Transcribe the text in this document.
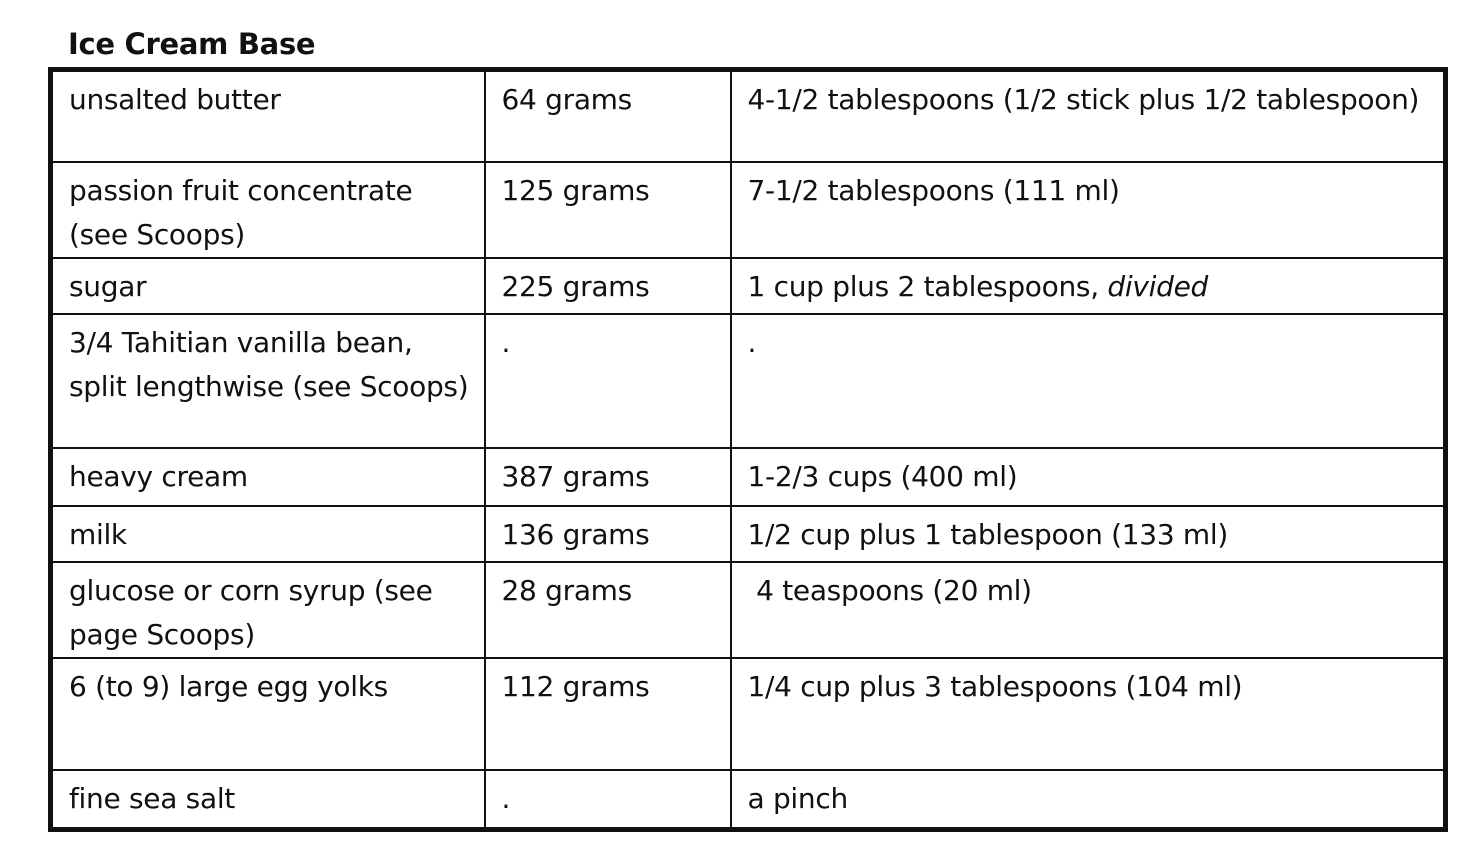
Ice Cream Base
unsalted butter	64 grams	4-1/2 tablespoons (1/2 stick plus 1/2 tablespoon)
passion fruit concentrate (see Scoops)	125 grams	7-1/2 tablespoons (111 ml)
sugar	225 grams	1 cup plus 2 tablespoons, divided
3/4 Tahitian vanilla bean, split lengthwise (see Scoops)	.	.
heavy cream	387 grams	1-2/3 cups (400 ml)
milk	136 grams	1/2 cup plus 1 tablespoon (133 ml)
glucose or corn syrup (see page Scoops)	28 grams	4 teaspoons (20 ml)
6 (to 9) large egg yolks	112 grams	1/4 cup plus 3 tablespoons (104 ml)
fine sea salt	.	a pinch
